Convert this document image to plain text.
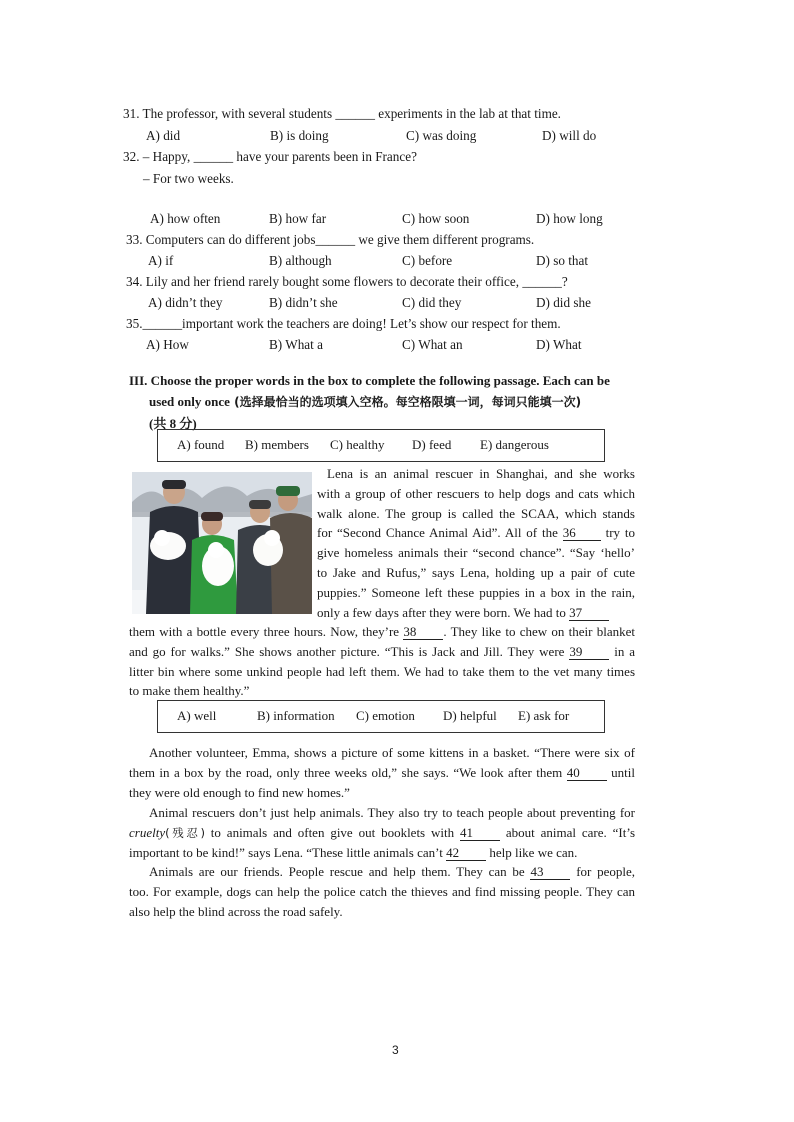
31. The professor, with several students ______ experiments in the lab at that time.
A) did	B) is doing	C) was doing	D) will do
32. – Happy, ______ have your parents been in France?
– For two weeks.
A) how often	B) how far	C) how soon	D) how long
33. Computers can do different jobs______ we give them different programs.
A) if	B) although	C) before	D) so that
34. Lily and her friend rarely bought some flowers to decorate their office, ______?
A) didn’t they	B) didn’t she	C) did they	D) did she
35.______important work the teachers are doing! Let’s show our respect for them.
A) How	B) What a	C) What an	D) What
III. Choose the proper words in the box to complete the following passage. Each can be
used only once (选择最恰当的选项填入空格。每空格限填一词，每词只能填一次)
(共 8 分)
A) found B) members C) healthy D) feed E) dangerous
Lena is an animal rescuer in Shanghai, and she works
with a group of other rescuers to help dogs and cats which
walk alone. The group is called the SCAA, which stands
for “Second Chance Animal Aid”. All of the 36 try to
give homeless animals their “second chance”. “Say ‘hello’
to Jake and Rufus,” says Lena, holding up a pair of cute
puppies.” Someone left these puppies in a box in the rain,
only a few days after they were born. We had to 37
them with a bottle every three hours. Now, they’re 38 . They like to chew on their blanket
and go for walks.” She shows another picture. “This is Jack and Jill. They were 39 in a
litter bin where some unkind people had left them. We had to take them to the vet many times
to make them healthy.”
A) well	B) information C) emotion D) helpful E) ask for
Another volunteer, Emma, shows a picture of some kittens in a basket. “There were six of
them in a box by the road, only three weeks old,” she says. “We look after them 40 until
they were old enough to find new homes.”
Animal rescuers don’t just help animals. They also try to teach people about preventing for
cruelty(残忍) to animals and often give out booklets with 41	about animal care. “It’s
important to be kind!” says Lena. “These little animals can’t 42 help like we can.
Animals are our friends. People rescue and help them. They can be 43	for people,
too. For example, dogs can help the police catch the thieves and find missing people. They can
also help the blind across the road safely.
3
